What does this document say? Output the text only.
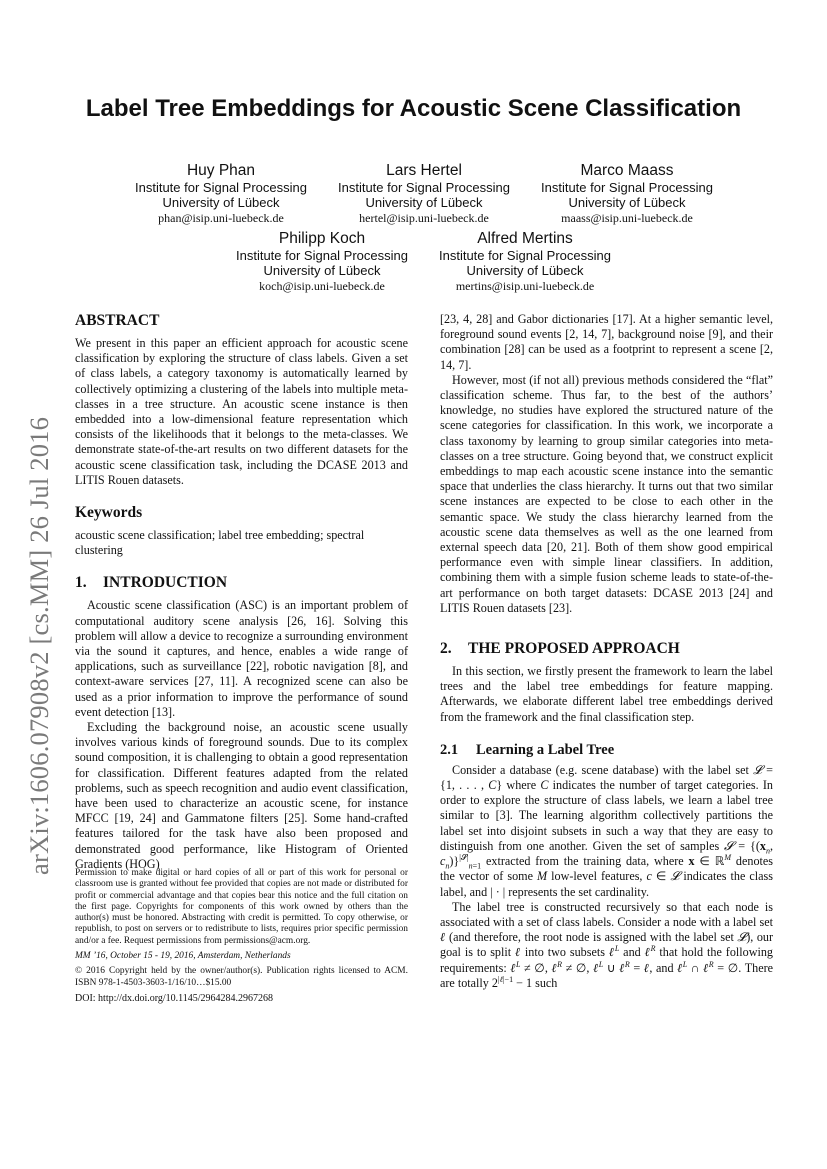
arXiv:1606.07908v2 [cs.MM] 26 Jul 2016
Label Tree Embeddings for Acoustic Scene Classification
Huy Phan
Institute for Signal Processing
University of Lübeck
phan@isip.uni-luebeck.de
Lars Hertel
Institute for Signal Processing
University of Lübeck
hertel@isip.uni-luebeck.de
Marco Maass
Institute for Signal Processing
University of Lübeck
maass@isip.uni-luebeck.de
Philipp Koch
Institute for Signal Processing
University of Lübeck
koch@isip.uni-luebeck.de
Alfred Mertins
Institute for Signal Processing
University of Lübeck
mertins@isip.uni-luebeck.de
ABSTRACT

We present in this paper an efficient approach for acoustic scene classification by exploring the structure of class labels. Given a set of class labels, a category taxonomy is automatically learned by collectively optimizing a clustering of the labels into multiple meta-classes in a tree structure. An acoustic scene instance is then embedded into a low-dimensional feature representation which consists of the likelihoods that it belongs to the meta-classes. We demonstrate state-of-the-art results on two different datasets for the acoustic scene classification task, including the DCASE 2013 and LITIS Rouen datasets.

Keywords

acoustic scene classification; label tree embedding; spectral clustering

1. INTRODUCTION

Acoustic scene classification (ASC) is an important problem of computational auditory scene analysis [26, 16]. Solving this problem will allow a device to recognize a surrounding environment via the sound it captures, and hence, enables a wide range of applications, such as surveillance [22], robotic navigation [8], and context-aware services [27, 11]. A recognized scene can also be used as a prior information to improve the performance of sound event detection [13].

Excluding the background noise, an acoustic scene usually involves various kinds of foreground sounds. Due to its complex sound composition, it is challenging to obtain a good representation for classification. Different features adapted from the related problems, such as speech recognition and audio event classification, have been used to characterize an acoustic scene, for instance MFCC [19, 24] and Gammatone filters [25]. Some hand-crafted features tailored for the task have also been proposed and demonstrated good performance, like Histogram of Oriented Gradients (HOG)

Permission to make digital or hard copies of all or part of this work for personal or classroom use is granted without fee provided that copies are not made or distributed for profit or commercial advantage and that copies bear this notice and the full citation on the first page. Copyrights for components of this work owned by others than the author(s) must be honored. Abstracting with credit is permitted. To copy otherwise, or republish, to post on servers or to redistribute to lists, requires prior specific permission and/or a fee. Request permissions from permissions@acm.org.

MM ’16, October 15 - 19, 2016, Amsterdam, Netherlands

© 2016 Copyright held by the owner/author(s). Publication rights licensed to ACM. ISBN 978-1-4503-3603-1/16/10…$15.00

DOI: http://dx.doi.org/10.1145/2964284.2967268

[23, 4, 28] and Gabor dictionaries [17]. At a higher semantic level, foreground sound events [2, 14, 7], background noise [9], and their combination [28] can be used as a footprint to represent a scene [2, 14, 7].

However, most (if not all) previous methods considered the “flat” classification scheme. Thus far, to the best of the authors’ knowledge, no studies have explored the structured nature of the scene categories for classification. In this work, we incorporate a class taxonomy by learning to group similar categories into meta-classes on a tree structure. Going beyond that, we construct explicit embeddings to map each acoustic scene instance into the semantic space that underlies the class hierarchy. It turns out that two similar scene instances are expected to be close to each other in the semantic space. We study the class hierarchy learned from the acoustic scene data themselves as well as the one learned from external speech data [20, 21]. Both of them show good empirical performance even with simple linear classifiers. In addition, combining them with a simple fusion scheme leads to state-of-the-art performance on both target datasets: DCASE 2013 [24] and LITIS Rouen datasets [23].

2. THE PROPOSED APPROACH

In this section, we firstly present the framework to learn the label trees and the label tree embeddings for feature mapping. Afterwards, we elaborate different label tree embeddings derived from the framework and the final classification step.

2.1 Learning a Label Tree

Consider a database (e.g. scene database) with the label set 𝓛 = {1, . . . , C} where C indicates the number of target categories. In order to explore the structure of class labels, we learn a label tree similar to [3]. The learning algorithm collectively partitions the label set into disjoint subsets in such a way that they are easy to distinguish from one another. Given the set of samples 𝓢 = {($x_n$, $c_n)\}^{|𝓢|}_{n=1}$ extracted from the training data, where x ∈ ℝ$^M$ denotes the vector of some M low-level features, c ∈ 𝓛 indicates the class label, and | · | represents the set cardinality.

The label tree is constructed recursively so that each node is associated with a set of class labels. Consider a node with a label set ℓ (and therefore, the root node is assigned with the label set 𝓛), our goal is to split ℓ into two subsets ℓ$^L$ and ℓ$^R$ that hold the following requirements: ℓ$^L$ ≠ ∅, ℓ$^R$ ≠ ∅, ℓ$^L$ ∪ ℓ$^R$ = ℓ, and ℓ$^L$ ∩ ℓ$^R$ = ∅. There are totally $2^{|\ell|-1} - 1$ such
